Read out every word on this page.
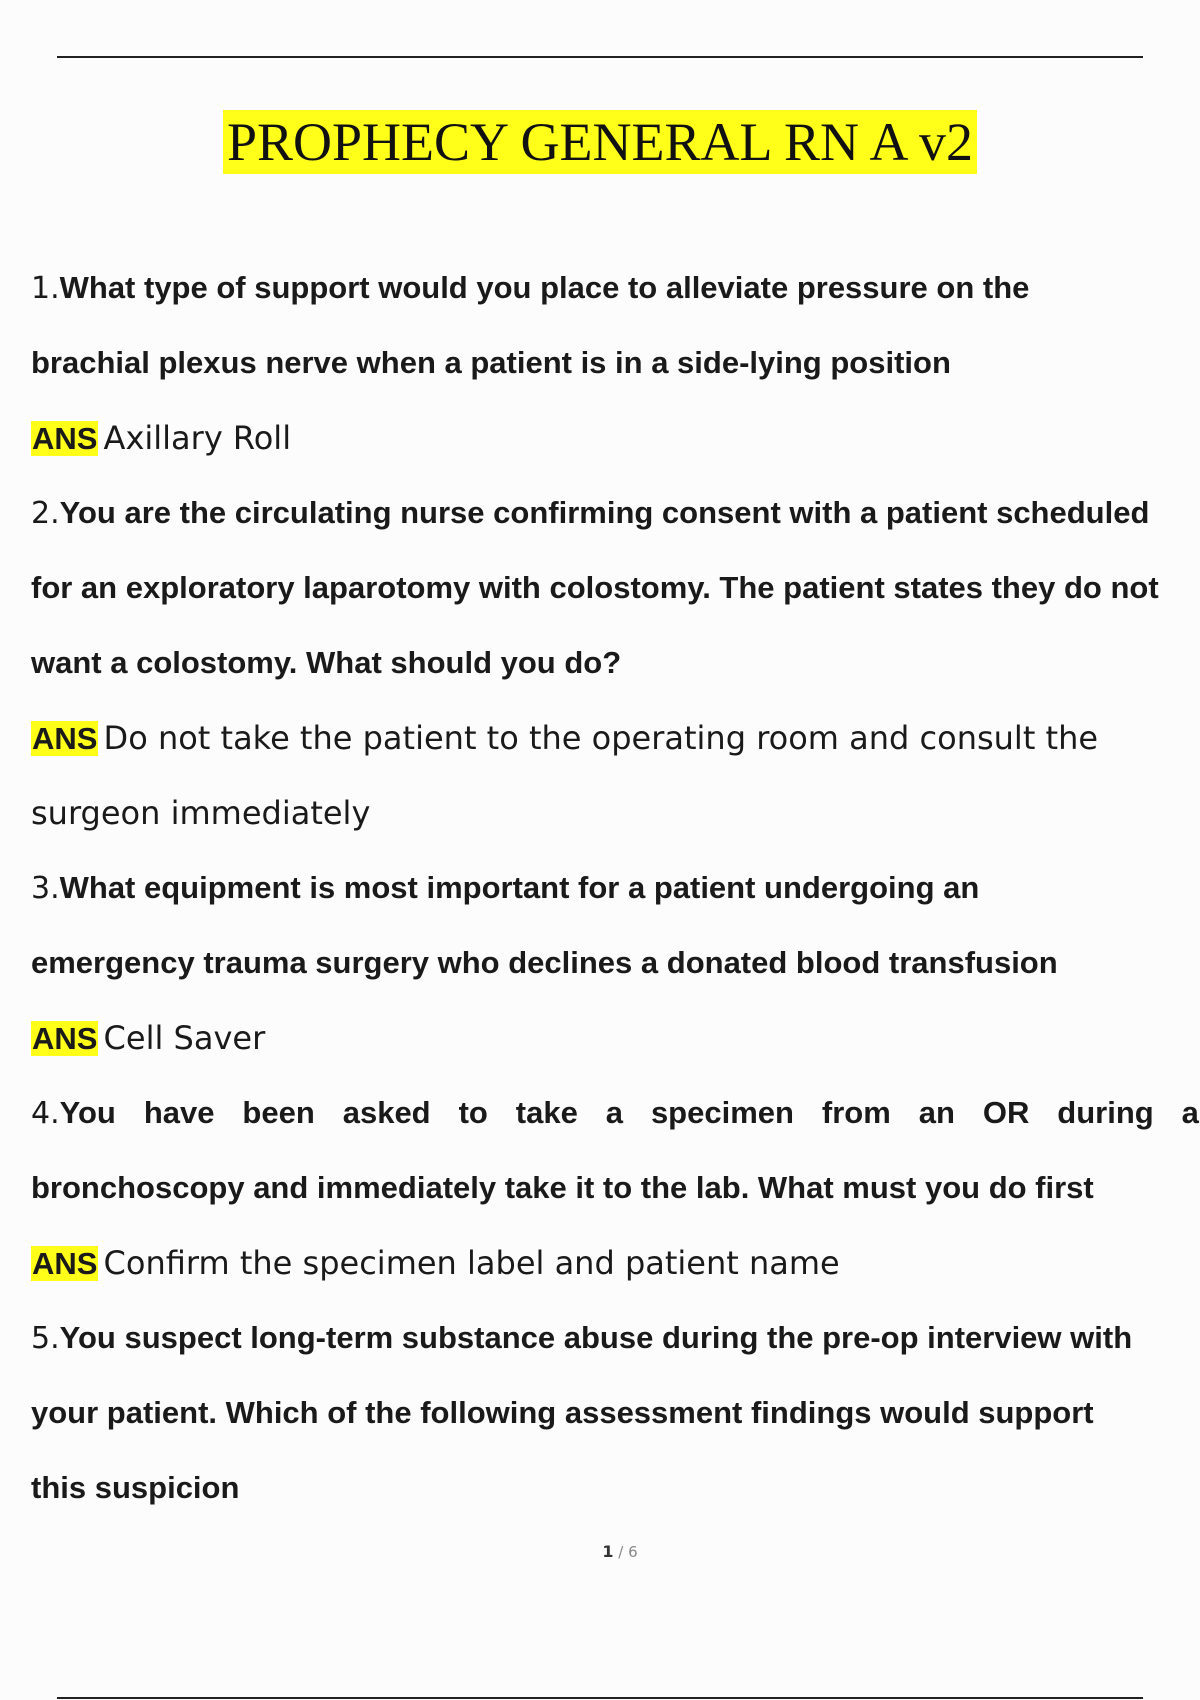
PROPHECY GENERAL RN A v2
1.What type of support would you place to alleviate pressure on the
brachial plexus nerve when a patient is in a side-lying position
ANS Axillary Roll
2.You are the circulating nurse confirming consent with a patient scheduled
for an exploratory laparotomy with colostomy. The patient states they do not
want a colostomy. What should you do?
ANS Do not take the patient to the operating room and consult the
surgeon immediately
3.What equipment is most important for a patient undergoing an
emergency trauma surgery who declines a donated blood transfusion
ANS Cell Saver
4.You have been asked to take a specimen from an OR during a
bronchoscopy and immediately take it to the lab. What must you do first
ANS Confirm the specimen label and patient name
5.You suspect long-term substance abuse during the pre-op interview with
your patient. Which of the following assessment findings would support
this suspicion
1 / 6
